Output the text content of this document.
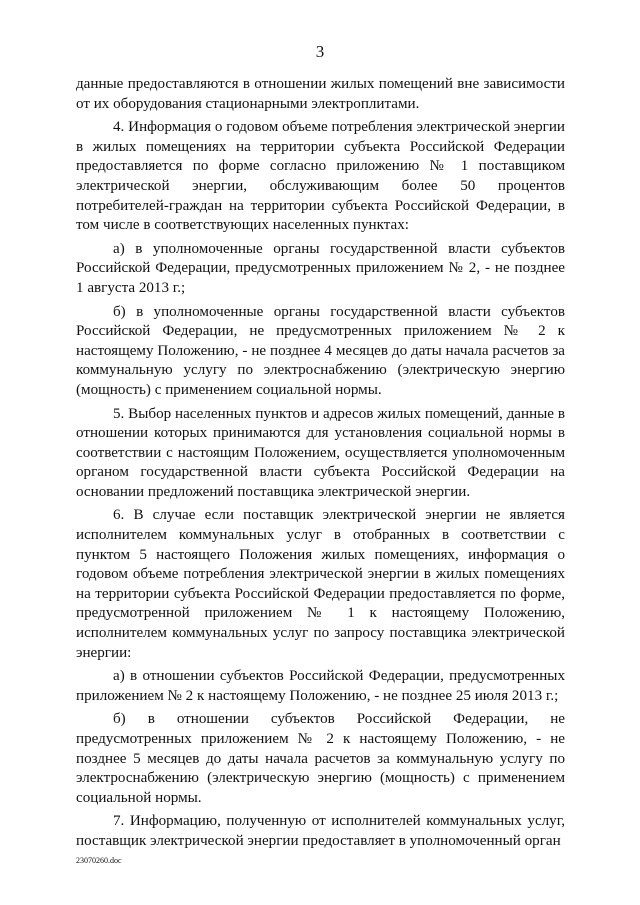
3

данные предоставляются в отношении жилых помещений вне зависимости от их оборудования стационарными электроплитами.

4. Информация о годовом объеме потребления электрической энергии в жилых помещениях на территории субъекта Российской Федерации предоставляется по форме согласно приложению № 1 поставщиком электрической энергии, обслуживающим более 50 процентов потребителей-граждан на территории субъекта Российской Федерации, в том числе в соответствующих населенных пунктах:

а) в уполномоченные органы государственной власти субъектов Российской Федерации, предусмотренных приложением № 2, - не позднее 1 августа 2013 г.;

б) в уполномоченные органы государственной власти субъектов Российской Федерации, не предусмотренных приложением № 2 к настоящему Положению, - не позднее 4 месяцев до даты начала расчетов за коммунальную услугу по электроснабжению (электрическую энергию (мощность) с применением социальной нормы.

5. Выбор населенных пунктов и адресов жилых помещений, данные в отношении которых принимаются для установления социальной нормы в соответствии с настоящим Положением, осуществляется уполномоченным органом государственной власти субъекта Российской Федерации на основании предложений поставщика электрической энергии.

6. В случае если поставщик электрической энергии не является исполнителем коммунальных услуг в отобранных в соответствии с пунктом 5 настоящего Положения жилых помещениях, информация о годовом объеме потребления электрической энергии в жилых помещениях на территории субъекта Российской Федерации предоставляется по форме, предусмотренной приложением № 1 к настоящему Положению, исполнителем коммунальных услуг по запросу поставщика электрической энергии:

а) в отношении субъектов Российской Федерации, предусмотренных приложением № 2 к настоящему Положению, - не позднее 25 июля 2013 г.;

б) в отношении субъектов Российской Федерации, не предусмотренных приложением № 2 к настоящему Положению, - не позднее 5 месяцев до даты начала расчетов за коммунальную услугу по электроснабжению (электрическую энергию (мощность) с применением социальной нормы.

7. Информацию, полученную от исполнителей коммунальных услуг, поставщик электрической энергии предоставляет в уполномоченный орган

23070260.doc
